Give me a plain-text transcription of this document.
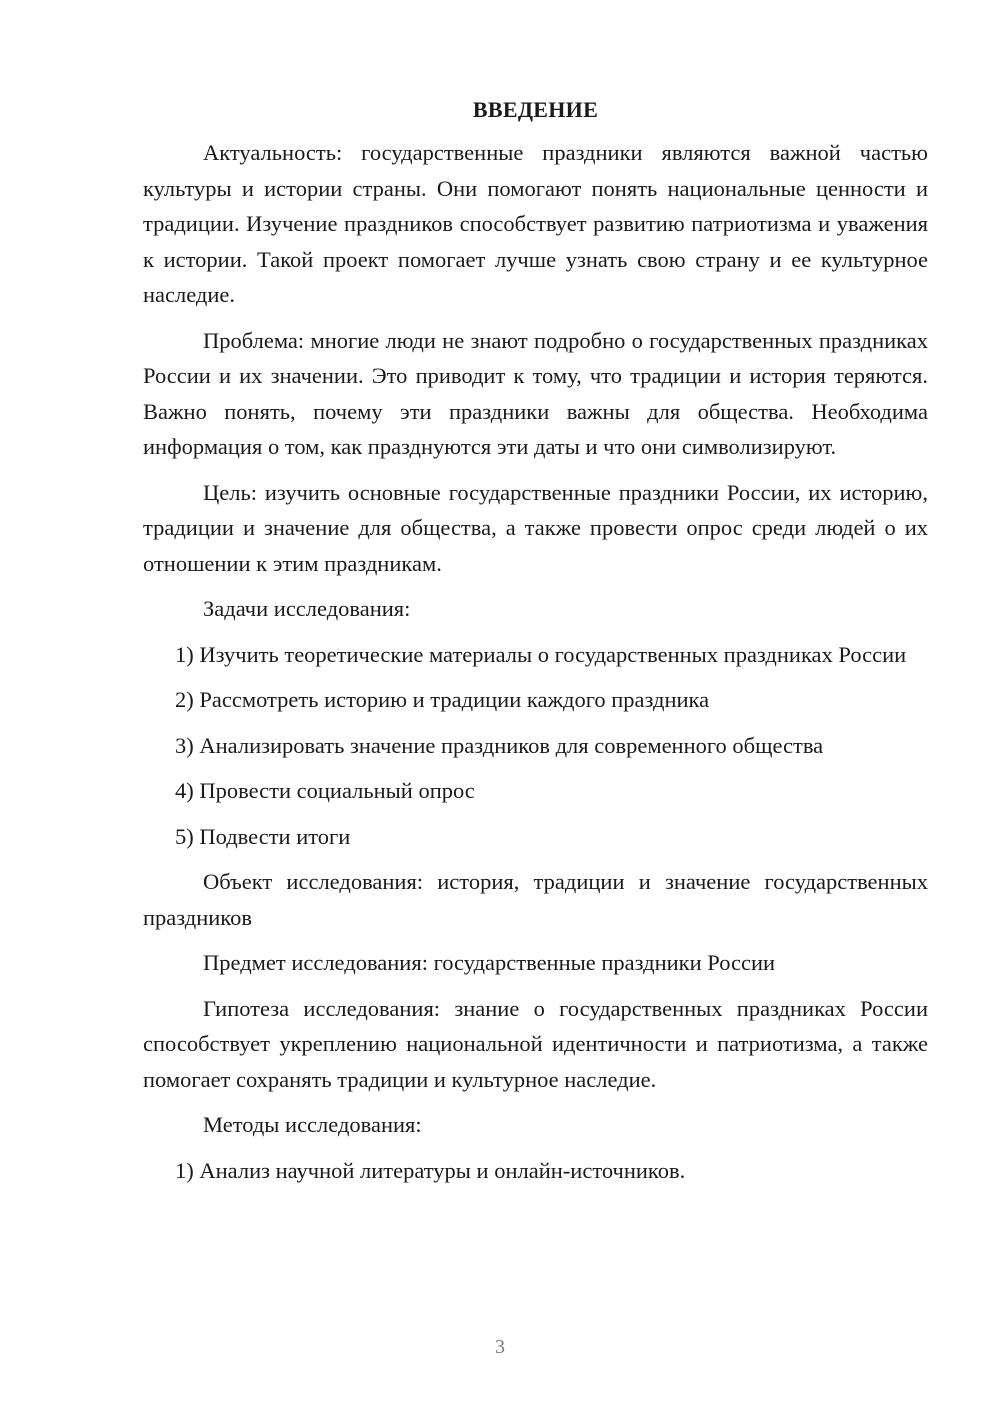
ВВЕДЕНИЕ

Актуальность: государственные праздники являются важной частью культуры и истории страны. Они помогают понять национальные ценности и традиции. Изучение праздников способствует развитию патриотизма и уважения к истории. Такой проект помогает лучше узнать свою страну и ее культурное наследие.

Проблема: многие люди не знают подробно о государственных праздниках России и их значении. Это приводит к тому, что традиции и история теряются. Важно понять, почему эти праздники важны для общества. Необходима информация о том, как празднуются эти даты и что они символизируют.

Цель: изучить основные государственные праздники России, их историю, традиции и значение для общества, а также провести опрос среди людей о их отношении к этим праздникам.

Задачи исследования:

1) Изучить теоретические материалы о государственных праздниках России

2) Рассмотреть историю и традиции каждого праздника

3) Анализировать значение праздников для современного общества

4) Провести социальный опрос

5) Подвести итоги

Объект исследования: история, традиции и значение государственных праздников

Предмет исследования: государственные праздники России

Гипотеза исследования: знание о государственных праздниках России способствует укреплению национальной идентичности и патриотизма, а также помогает сохранять традиции и культурное наследие.

Методы исследования:

1) Анализ научной литературы и онлайн-источников.

3
